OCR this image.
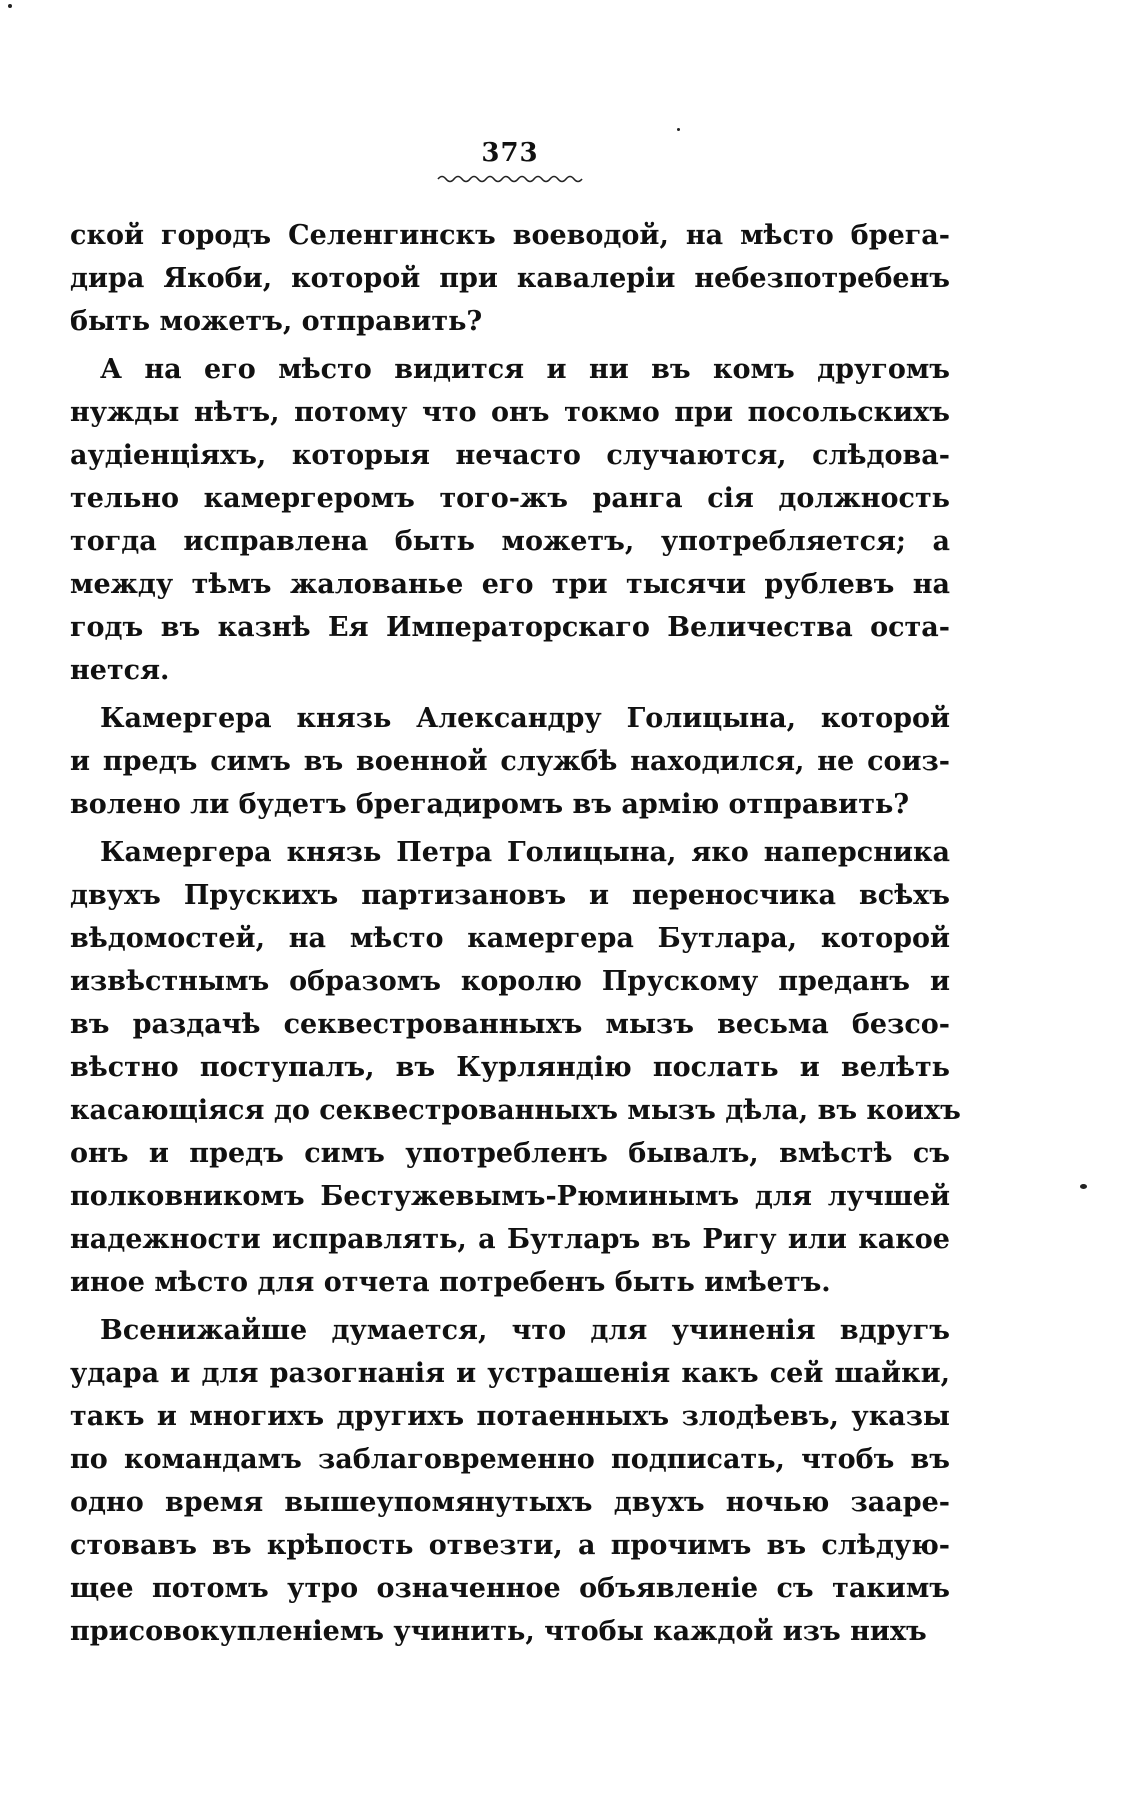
373
ской городъ Селенгинскъ воеводой, на мѣсто брега-
дира Якоби, которой при кавалеріи небезпотребенъ
быть можетъ, отправить?
А на его мѣсто видится и ни въ комъ другомъ
нужды нѣтъ, потому что онъ токмо при посольскихъ
аудіенціяхъ, которыя нечасто случаются, слѣдова-
тельно камергеромъ того-жъ ранга сія должность
тогда исправлена быть можетъ, употребляется; а
между тѣмъ жалованье его три тысячи рублевъ на
годъ въ казнѣ Ея Императорскаго Величества оста-
нется.
Камергера князь Александру Голицына, которой
и предъ симъ въ военной службѣ находился, не соиз-
волено ли будетъ брегадиромъ въ армію отправить?
Камергера князь Петра Голицына, яко наперсника
двухъ Прускихъ партизановъ и переносчика всѣхъ
вѣдомостей, на мѣсто камергера Бутлара, которой
извѣстнымъ образомъ королю Прускому преданъ и
въ раздачѣ секвестрованныхъ мызъ весьма безсо-
вѣстно поступалъ, въ Курляндію послать и велѣть
касающіяся до секвестрованныхъ мызъ дѣла, въ коихъ
онъ и предъ симъ употребленъ бывалъ, вмѣстѣ съ
полковникомъ Бестужевымъ-Рюминымъ для лучшей
надежности исправлять, а Бутларъ въ Ригу или какое
иное мѣсто для отчета потребенъ быть имѣетъ.
Всенижайше думается, что для учиненія вдругъ
удара и для разогнанія и устрашенія какъ сей шайки,
такъ и многихъ другихъ потаенныхъ злодѣевъ, указы
по командамъ заблаговременно подписать, чтобъ въ
одно время вышеупомянутыхъ двухъ ночью зааре-
стовавъ въ крѣпость отвезти, а прочимъ въ слѣдую-
щее потомъ утро означенное объявленіе съ такимъ
присовокупленіемъ учинить, чтобы каждой изъ нихъ
